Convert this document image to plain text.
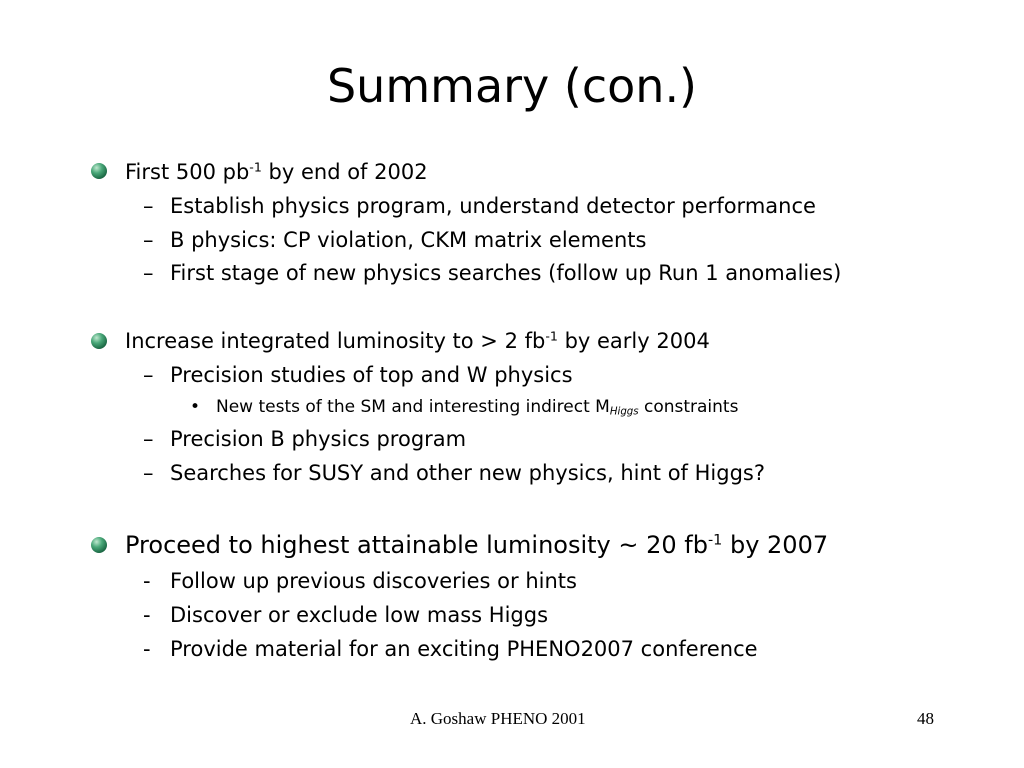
Summary (con.)
First 500 $pb^{-1}$ by end of 2002
– Establish physics program, understand detector performance
– B physics: CP violation, CKM matrix elements
– First stage of new physics searches (follow up Run 1 anomalies)
Increase integrated luminosity to > 2 $fb^{-1}$ by early 2004
– Precision studies of top and W physics
• New tests of the SM and interesting indirect $M_{Higgs}$ constraints
– Precision B physics program
– Searches for SUSY and other new physics, hint of Higgs?
Proceed to highest attainable luminosity ~ 20 $fb^{-1}$ by 2007
- Follow up previous discoveries or hints
- Discover or exclude low mass Higgs
- Provide material for an exciting PHENO2007 conference
A. Goshaw PHENO 2001	48
